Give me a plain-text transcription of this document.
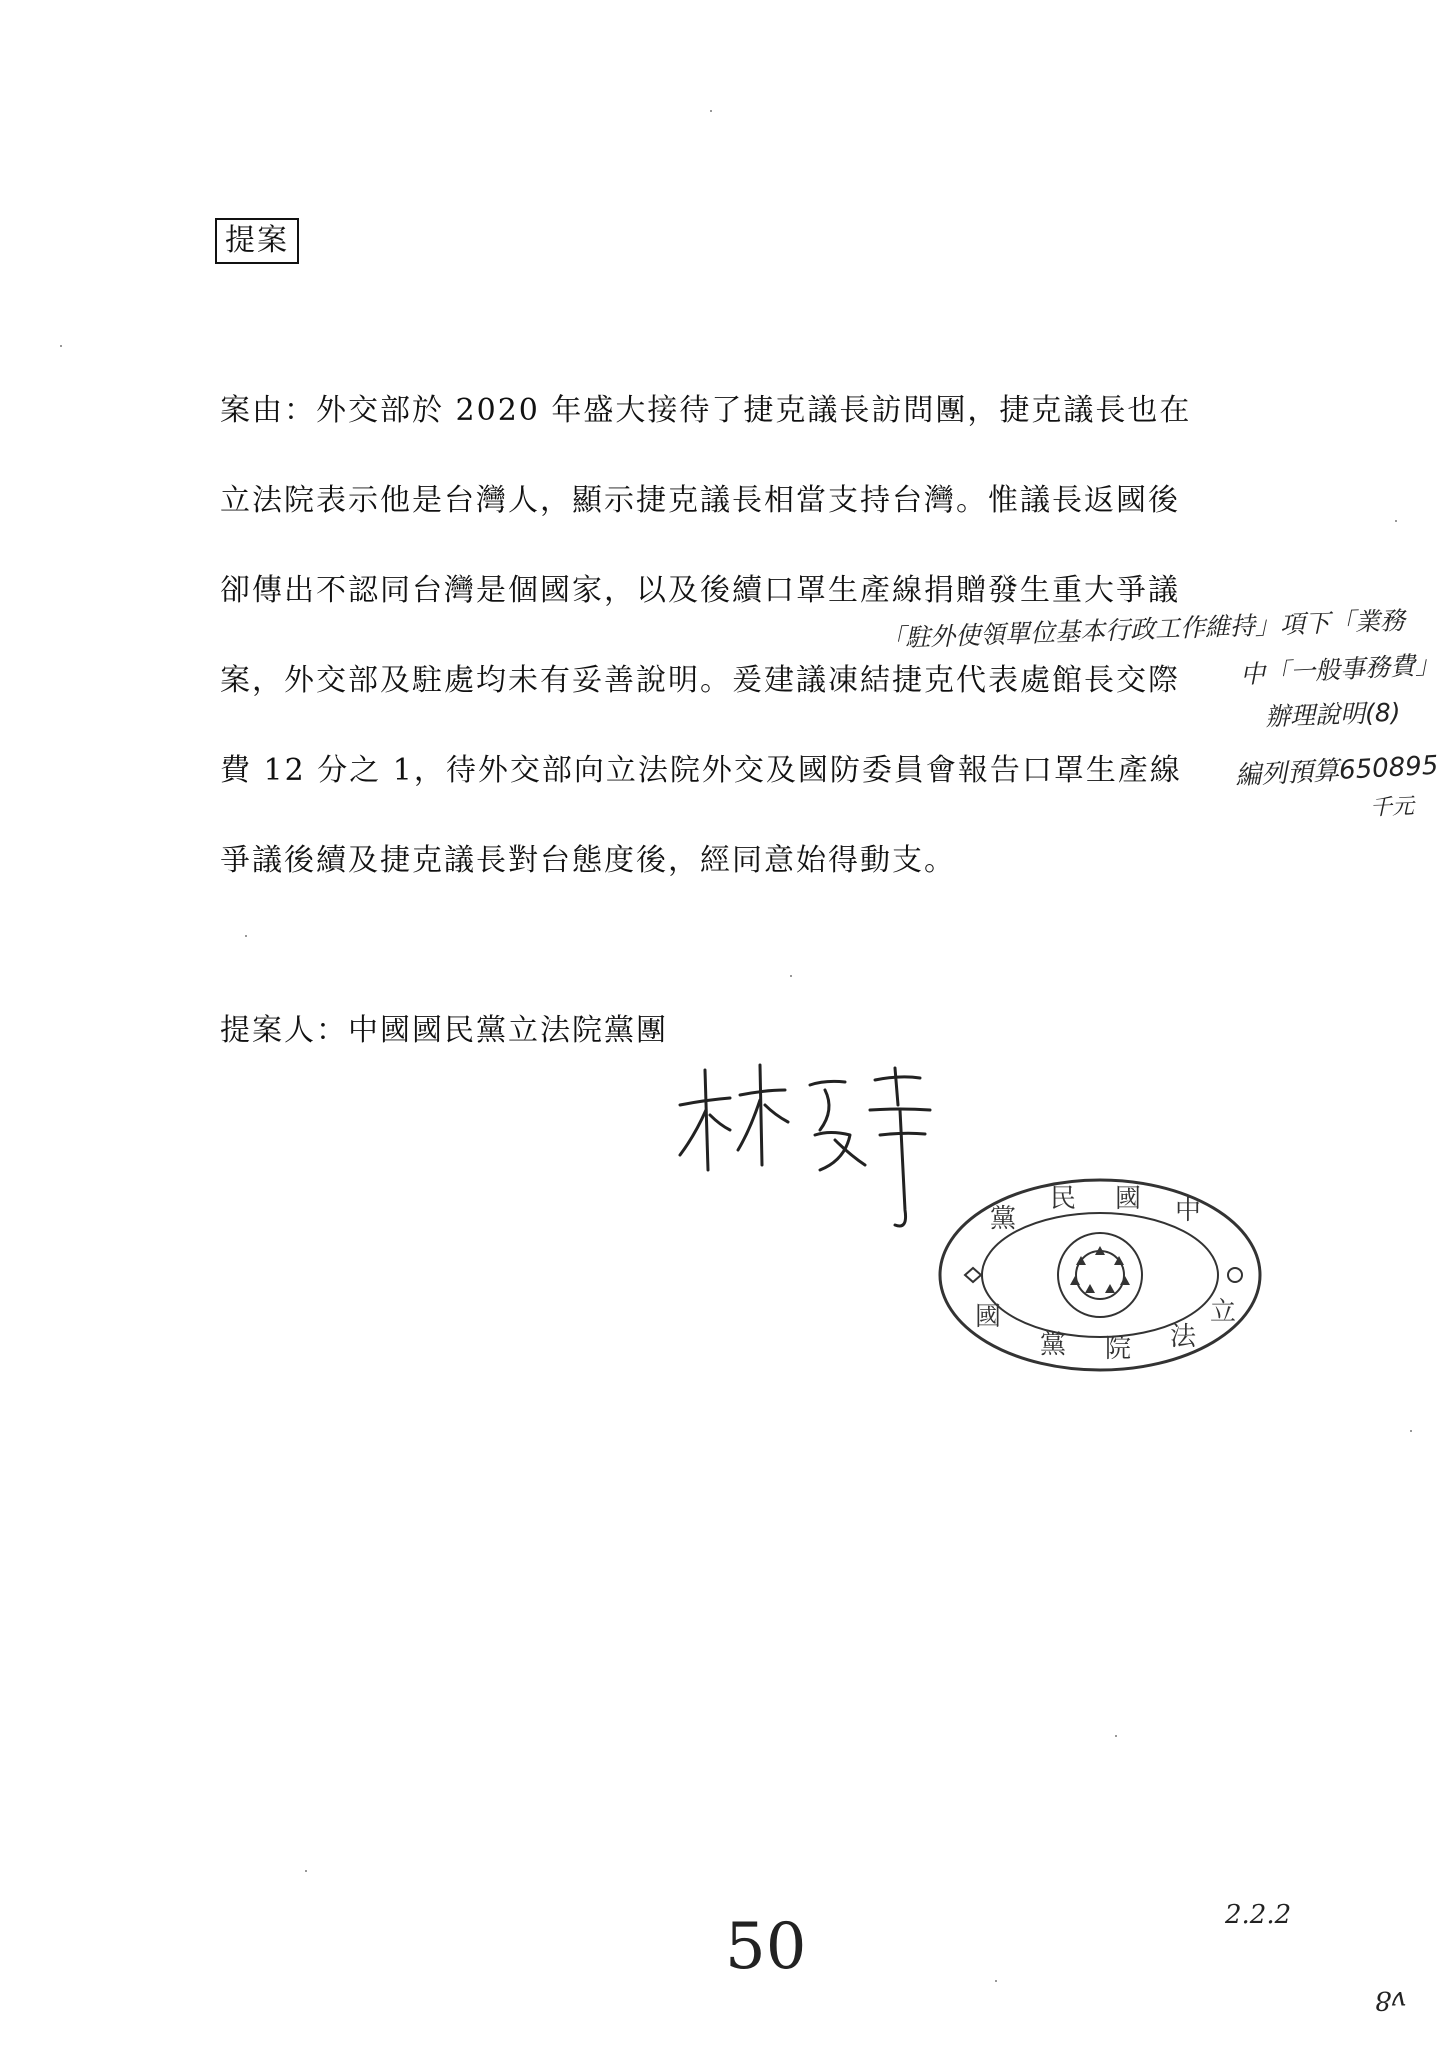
提案
案由：外交部於 2020 年盛大接待了捷克議長訪問團，捷克議長也在
立法院表示他是台灣人，顯示捷克議長相當支持台灣。惟議長返國後
卻傳出不認同台灣是個國家，以及後續口罩生產線捐贈發生重大爭議
案，外交部及駐處均未有妥善說明。爰建議凍結捷克代表處館長交際
費 12 分之 1，待外交部向立法院外交及國防委員會報告口罩生產線
爭議後續及捷克議長對台態度後，經同意始得動支。
「駐外使領單位基本行政工作維持」項下「業務
中「一般事務費」
辦理說明(8)
編列預算650895
千元
提案人：中國國民黨立法院黨團
黨
民 國 中
國
黨 院 法
立
50	2.2.2
v8
